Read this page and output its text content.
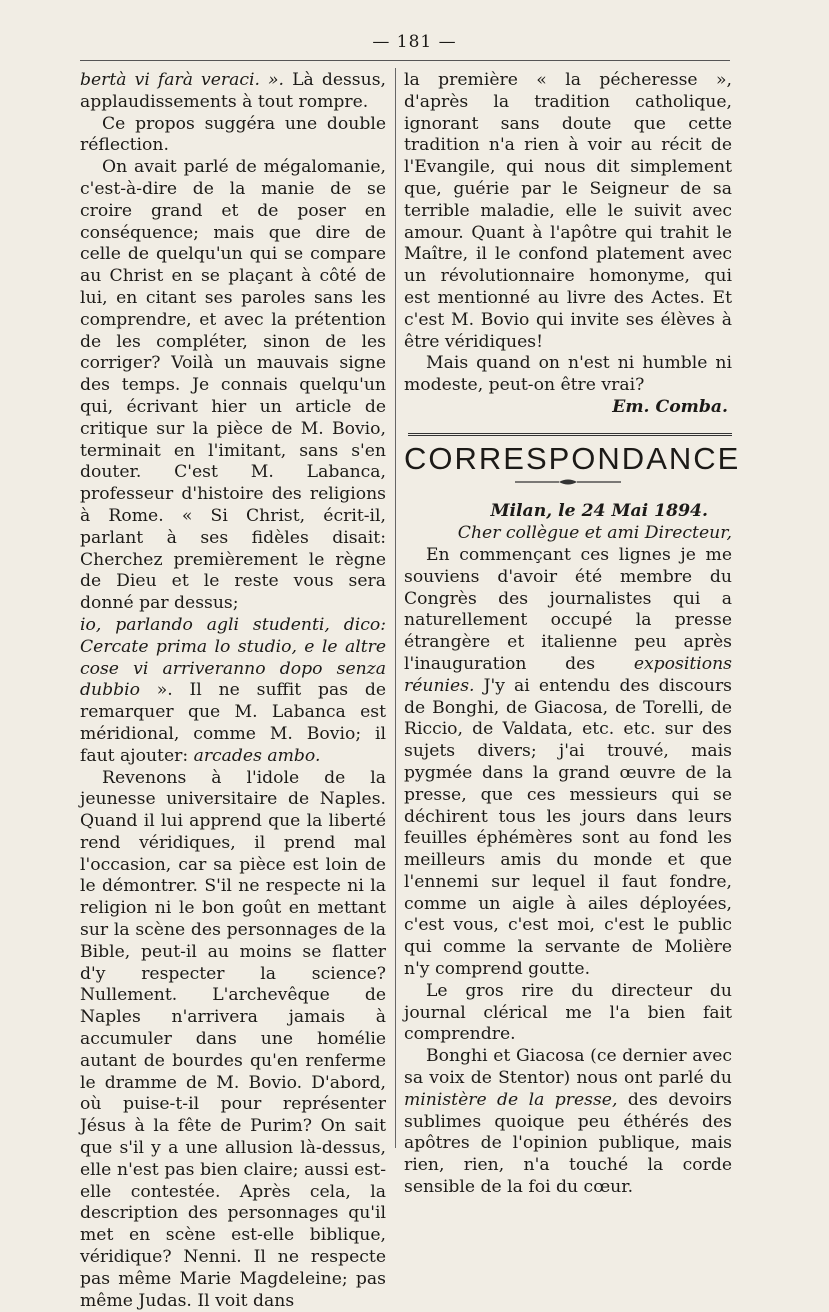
— 181 —

bertà vi farà veraci. ». Là dessus, applaudissements à tout rompre.

Ce propos suggéra une double réflection.

On avait parlé de mégalomanie, c'est-à-dire de la manie de se croire grand et de poser en conséquence; mais que dire de celle de quelqu'un qui se compare au Christ en se plaçant à côté de lui, en citant ses paroles sans les comprendre, et avec la prétention de les compléter, sinon de les corriger? Voilà un mauvais signe des temps. Je connais quelqu'un qui, écrivant hier un article de critique sur la pièce de M. Bovio, terminait en l'imitant, sans s'en douter. C'est M. Labanca, professeur d'histoire des religions à Rome. « Si Christ, écrit-il, parlant à ses fidèles disait: Cherchez premièrement le règne de Dieu et le reste vous sera donné par dessus;

io, parlando agli studenti, dico: Cercate prima lo studio, e le altre cose vi arriveranno dopo senza dubbio ». Il ne suffit pas de remarquer que M. Labanca est méridional, comme M. Bovio; il faut ajouter: arcades ambo.

Revenons à l'idole de la jeunesse universitaire de Naples. Quand il lui apprend que la liberté rend véridiques, il prend mal l'occasion, car sa pièce est loin de le démontrer. S'il ne respecte ni la religion ni le bon goût en mettant sur la scène des personnages de la Bible, peut-il au moins se flatter d'y respecter la science? Nullement. L'archevêque de Naples n'arrivera jamais à accumuler dans une homélie autant de bourdes qu'en renferme le dramme de M. Bovio. D'abord, où puise-t-il pour représenter Jésus à la fête de Purim? On sait que s'il y a une allusion là-dessus, elle n'est pas bien claire; aussi est-elle contestée. Après cela, la description des personnages qu'il met en scène est-elle biblique, véridique? Nenni. Il ne respecte pas même Marie Magdeleine; pas même Judas. Il voit dans

la première « la pécheresse », d'après la tradition catholique, ignorant sans doute que cette tradition n'a rien à voir au récit de l'Evangile, qui nous dit simplement que, guérie par le Seigneur de sa terrible maladie, elle le suivit avec amour. Quant à l'apôtre qui trahit le Maître, il le confond platement avec un révolutionnaire homonyme, qui est mentionné au livre des Actes. Et c'est M. Bovio qui invite ses élèves à être véridiques!

Mais quand on n'est ni humble ni modeste, peut-on être vrai?

Em. Comba.

CORRESPONDANCE

Milan, le 24 Mai 1894.

Cher collègue et ami Directeur,

En commençant ces lignes je me souviens d'avoir été membre du Congrès des journalistes qui a naturellement occupé la presse étrangère et italienne peu après l'inauguration des expositions réunies. J'y ai entendu des discours de Bonghi, de Giacosa, de Torelli, de Riccio, de Valdata, etc. etc. sur des sujets divers; j'ai trouvé, mais pygmée dans la grand œuvre de la presse, que ces messieurs qui se déchirent tous les jours dans leurs feuilles éphémères sont au fond les meilleurs amis du monde et que l'ennemi sur lequel il faut fondre, comme un aigle à ailes déployées, c'est vous, c'est moi, c'est le public qui comme la servante de Molière n'y comprend goutte.

Le gros rire du directeur du journal clérical me l'a bien fait comprendre.

Bonghi et Giacosa (ce dernier avec sa voix de Stentor) nous ont parlé du ministère de la presse, des devoirs sublimes quoique peu éthérés des apôtres de l'opinion publique, mais rien, rien, n'a touché la corde sensible de la foi du cœur.
